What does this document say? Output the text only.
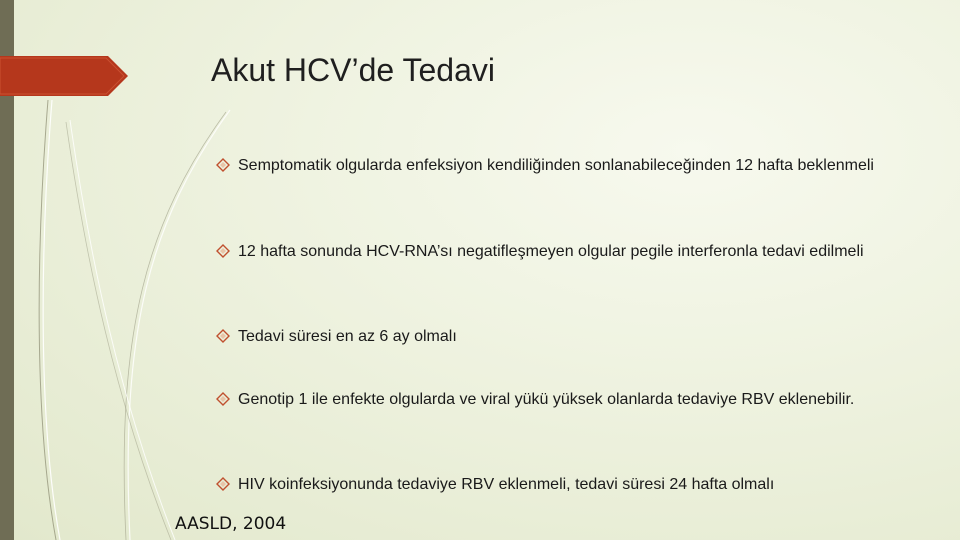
Akut HCV’de Tedavi
Semptomatik olgularda enfeksiyon kendiliğinden sonlanabileceğinden 12 hafta beklenmeli
12 hafta sonunda HCV-RNA’sı negatifleşmeyen olgular pegile interferonla tedavi edilmeli
Tedavi süresi en az 6 ay olmalı
Genotip 1 ile enfekte olgularda ve viral yükü yüksek olanlarda tedaviye RBV eklenebilir.
HIV koinfeksiyonunda tedaviye RBV eklenmeli, tedavi süresi 24 hafta olmalı
AASLD, 2004
